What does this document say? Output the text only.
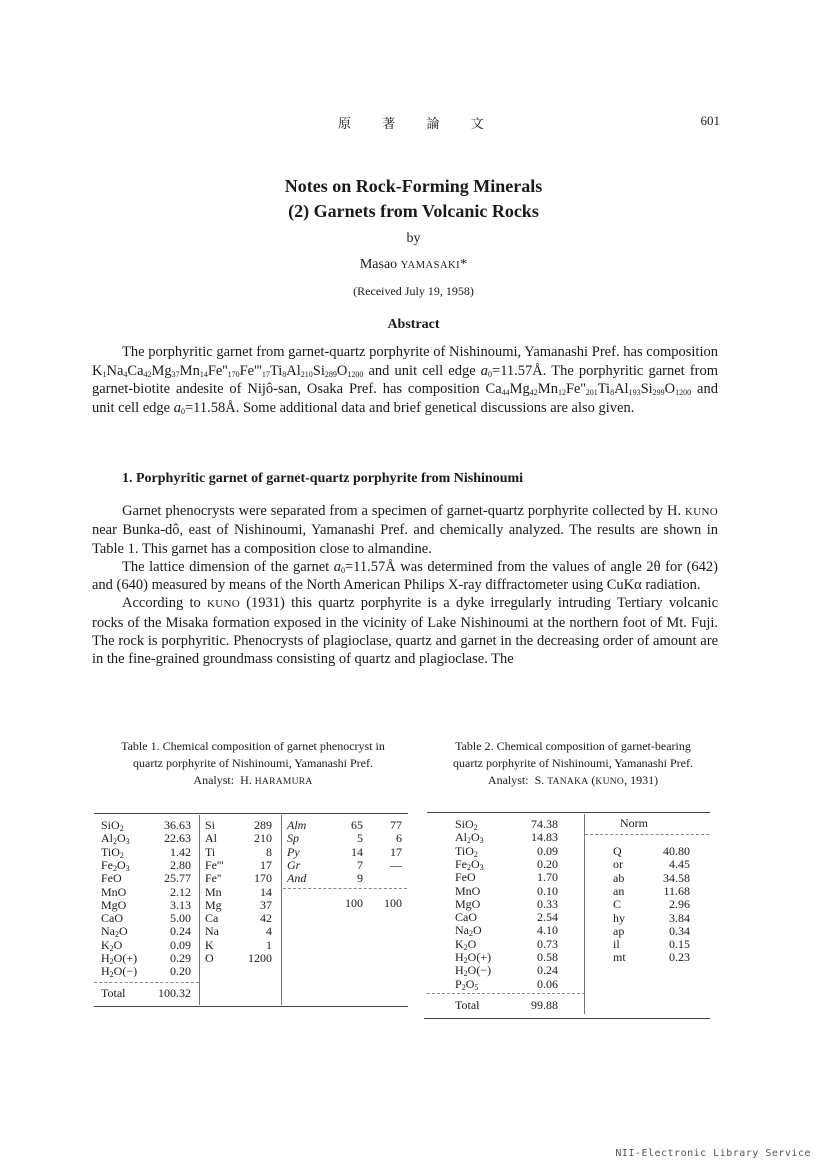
原 著 論 文	601
Notes on Rock-Forming Minerals
(2) Garnets from Volcanic Rocks
by
Masao YAMASAKI*
(Received July 19, 1958)
Abstract

The porphyritic garnet from garnet-quartz porphyrite of Nishinoumi, Yamanashi Pref. has composition $K_1Na_4Ca_{42}Mg_{37}Mn_{14}Fe''_{170}Fe'''_{17}Ti_8Al_{210}Si_{289}O_{1200}$ and unit cell edge $a_0=11.57Å$. The porphyritic garnet from garnet-biotite andesite of Nijô-san, Osaka Pref. has composition $Ca_{44}Mg_{42}Mn_{12}Fe''_{201}Ti_8Al_{193}Si_{299}O_{1200}$ and unit cell edge $a_0=11.58Å$. Some additional data and brief genetical discussions are also given.

1. Porphyritic garnet of garnet-quartz porphyrite from Nishinoumi

Garnet phenocrysts were separated from a specimen of garnet-quartz porphyrite collected by H. KUNO near Bunka-dô, east of Nishinoumi, Yamanashi Pref. and chemically analyzed. The results are shown in Table 1. This garnet has a composition close to almandine.

The lattice dimension of the garnet $a_0=11.57Å$ was determined from the values of angle 2θ for (642) and (640) measured by means of the North American Philips X-ray diffractometer using CuKα radiation.

According to KUNO (1931) this quartz porphyrite is a dyke irregularly intruding Tertiary volcanic rocks of the Misaka formation exposed in the vicinity of Lake Nishinoumi at the northern foot of Mt. Fuji. The rock is porphyritic. Phenocrysts of plagioclase, quartz and garnet in the decreasing order of amount are in the fine-grained groundmass consisting of quartz and plagioclase. The

Table 1. Chemical composition of garnet phenocryst in quartz porphyrite of Nishinoumi, Yamanashi Pref.
Analyst: H. HARAMURA
SiO$_2$	36.63
$Al_2O_3$	22.63
TiO$_2$	1.42
$Fe_2O_3$	2.80
FeO	25.77
MnO	2.12
MgO	3.13
CaO	5.00
$Na_2O$	0.24
$K_2O$	0.09
$H_2O(+)$	0.29
$H_2O(-)$	0.20
Si	289
Al	210
Ti	8
Fe'''	17
Fe''	170
Mn	14
Mg	37
Ca	42
Na	4
K	1
O	1200
Alm	65	77
Sp	5	6
Py	14	17
Gr	7	—
And	9
100	100
Total	100.32
Table 2. Chemical composition of garnet-bearing quartz porphyrite of Nishinoumi, Yamanashi Pref.
Analyst: S. TANAKA (KUNO, 1931)
SiO$_2$	74.38
$Al_2O_3$	14.83
TiO$_2$	0.09
$Fe_2O_3$	0.20
FeO	1.70
MnO	0.10
MgO	0.33
CaO	2.54
$Na_2O$	4.10
$K_2O$	0.73
$H_2O(+)$	0.58
$H_2O(-)$	0.24
$P_2O_5$	0.06
Norm
Q	40.80
or	4.45
ab	34.58
an	11.68
C	2.96
hy	3.84
ap	0.34
il	0.15
mt	0.23
Total	99.88
NII-Electronic Library Service
